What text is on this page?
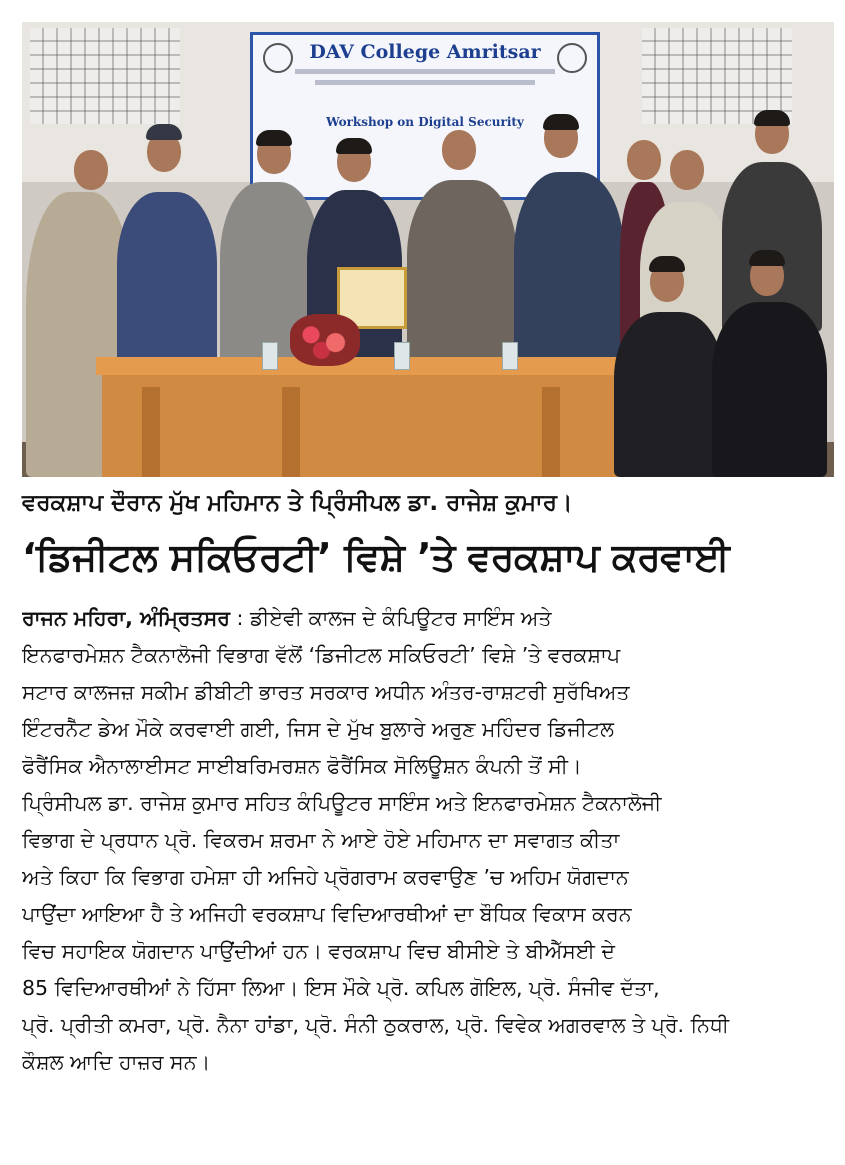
DAV College Amritsar
Workshop on Digital Security
ਵਰਕਸ਼ਾਪ ਦੌਰਾਨ ਮੁੱਖ ਮਹਿਮਾਨ ਤੇ ਪ੍ਰਿੰਸੀਪਲ ਡਾ. ਰਾਜੇਸ਼ ਕੁਮਾਰ।
‘ਡਿਜੀਟਲ ਸਕਿਓਰਟੀ’ ਵਿਸ਼ੇ ’ਤੇ ਵਰਕਸ਼ਾਪ ਕਰਵਾਈ
ਰਾਜਨ ਮਹਿਰਾ, ਅੰਮ੍ਰਿਤਸਰ : ਡੀਏਵੀ ਕਾਲਜ ਦੇ ਕੰਪਿਊਟਰ ਸਾਇੰਸ ਅਤੇ
ਇਨਫਾਰਮੇਸ਼ਨ ਟੈਕਨਾਲੋਜੀ ਵਿਭਾਗ ਵੱਲੋਂ ‘ਡਿਜੀਟਲ ਸਕਿਓਰਟੀ’ ਵਿਸ਼ੇ ’ਤੇ ਵਰਕਸ਼ਾਪ
ਸਟਾਰ ਕਾਲਜਜ਼ ਸਕੀਮ ਡੀਬੀਟੀ ਭਾਰਤ ਸਰਕਾਰ ਅਧੀਨ ਅੰਤਰ-ਰਾਸ਼ਟਰੀ ਸੁਰੱਖਿਅਤ
ਇੰਟਰਨੈੱਟ ਡੇਅ ਮੌਕੇ ਕਰਵਾਈ ਗਈ, ਜਿਸ ਦੇ ਮੁੱਖ ਬੁਲਾਰੇ ਅਰੁਣ ਮਹਿੰਦਰ ਡਿਜੀਟਲ
ਫੋਰੈਂਸਿਕ ਐਨਾਲਾਈਸਟ ਸਾਈਬਰਿਮਰਸ਼ਨ ਫੋਰੈਂਸਿਕ ਸੋਲਿਊਸ਼ਨ ਕੰਪਨੀ ਤੋਂ ਸੀ।
ਪ੍ਰਿੰਸੀਪਲ ਡਾ. ਰਾਜੇਸ਼ ਕੁਮਾਰ ਸਹਿਤ ਕੰਪਿਊਟਰ ਸਾਇੰਸ ਅਤੇ ਇਨਫਾਰਮੇਸ਼ਨ ਟੈਕਨਾਲੋਜੀ
ਵਿਭਾਗ ਦੇ ਪ੍ਰਧਾਨ ਪ੍ਰੋ. ਵਿਕਰਮ ਸ਼ਰਮਾ ਨੇ ਆਏ ਹੋਏ ਮਹਿਮਾਨ ਦਾ ਸਵਾਗਤ ਕੀਤਾ
ਅਤੇ ਕਿਹਾ ਕਿ ਵਿਭਾਗ ਹਮੇਸ਼ਾ ਹੀ ਅਜਿਹੇ ਪ੍ਰੋਗਰਾਮ ਕਰਵਾਉਣ ’ਚ ਅਹਿਮ ਯੋਗਦਾਨ
ਪਾਉਂਦਾ ਆਇਆ ਹੈ ਤੇ ਅਜਿਹੀ ਵਰਕਸ਼ਾਪ ਵਿਦਿਆਰਥੀਆਂ ਦਾ ਬੌਧਿਕ ਵਿਕਾਸ ਕਰਨ
ਵਿਚ ਸਹਾਇਕ ਯੋਗਦਾਨ ਪਾਉਂਦੀਆਂ ਹਨ। ਵਰਕਸ਼ਾਪ ਵਿਚ ਬੀਸੀਏ ਤੇ ਬੀਐੱਸਈ ਦੇ
85 ਵਿਦਿਆਰਥੀਆਂ ਨੇ ਹਿੱਸਾ ਲਿਆ। ਇਸ ਮੌਕੇ ਪ੍ਰੋ. ਕਪਿਲ ਗੋਇਲ, ਪ੍ਰੋ. ਸੰਜੀਵ ਦੱਤਾ,
ਪ੍ਰੋ. ਪ੍ਰੀਤੀ ਕਮਰਾ, ਪ੍ਰੋ. ਨੈਨਾ ਹਾਂਡਾ, ਪ੍ਰੋ. ਸੰਨੀ ਠੁਕਰਾਲ, ਪ੍ਰੋ. ਵਿਵੇਕ ਅਗਰਵਾਲ ਤੇ ਪ੍ਰੋ. ਨਿਧੀ
ਕੌਸ਼ਲ ਆਦਿ ਹਾਜ਼ਰ ਸਨ।
